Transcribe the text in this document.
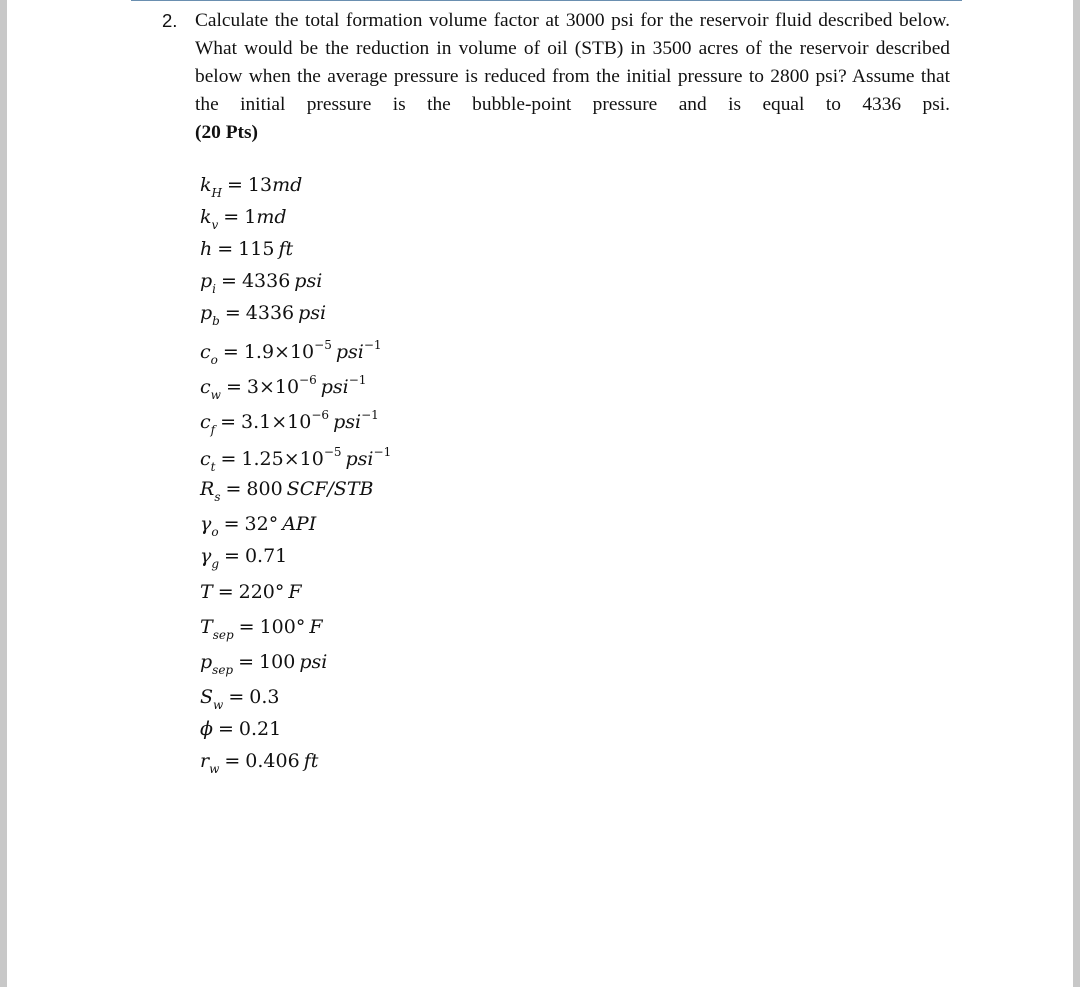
2. Calculate the total formation volume factor at 3000 psi for the reservoir fluid described below. What would be the reduction in volume of oil (STB) in 3500 acres of the reservoir described below when the average pressure is reduced from the initial pressure to 2800 psi? Assume that the initial pressure is the bubble-point pressure and is equal to 4336 psi.
(20 Pts)
$k_H = 13md$
$k_v = 1md$
h = 115 ft
$p_i = 4336$ psi
$p_b = 4336$ psi
$c_o = 1.9\times 10^{-5}$ psi$^{-1}$
$c_w = 3\times 10^{-6}$ psi$^{-1}$
$c_f = 3.1\times 10^{-6}$ psi$^{-1}$
$c_t = 1.25\times 10^{-5}$ psi$^{-1}$
$R_s = 800$ SCF/STB
$\gamma_o = 32^\circ$ API
$\gamma_g = 0.71$
T = 220° F
$T_{sep} = 100^\circ$ F
$p_{sep} = 100$ psi
$S_w = 0.3$
ϕ = 0.21
$r_w = 0.406$ ft
